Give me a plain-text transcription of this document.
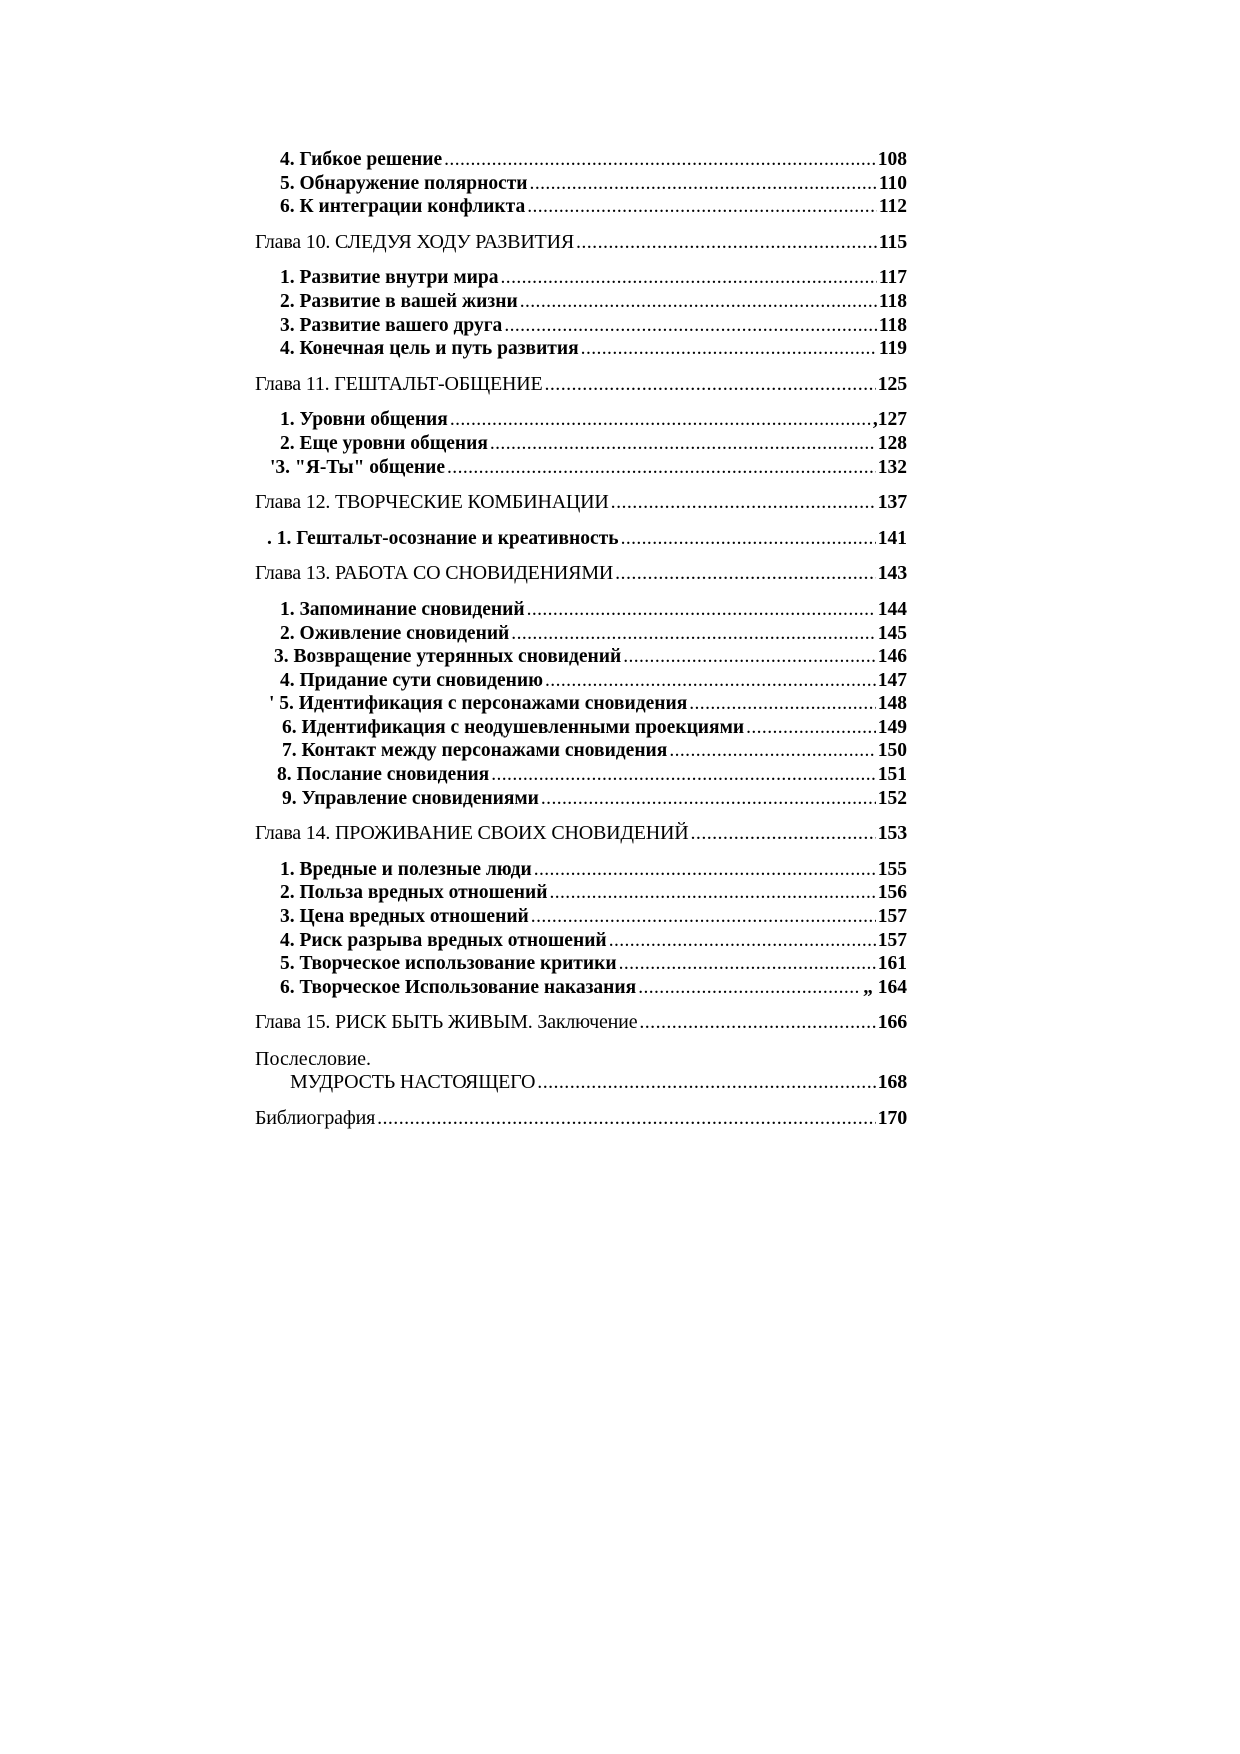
4. Гибкое решение .....	108
5. Обнаружение полярности .....	110
6. К интеграции конфликта .....	112
Глава 10. СЛЕДУЯ ХОДУ РАЗВИТИЯ .....	115
1. Развитие внутри мира .....	117
2. Развитие в вашей жизни .....	118
3. Развитие вашего друга .....	118
4. Конечная цель и путь развития .....	119
Глава 11. ГЕШТАЛЬТ-ОБЩЕНИЕ .....	125
1. Уровни общения .....	,127
2. Еще уровни общения .....	128
'3. "Я-Ты" общение .....	132
Глава 12. ТВОРЧЕСКИЕ КОМБИНАЦИИ .....	137
. 1. Гештальт-осознание и креативность .....	141
Глава 13. РАБОТА СО СНОВИДЕНИЯМИ .....	143
1. Запоминание сновидений .....	144
2. Оживление сновидений .....	145
3. Возвращение утерянных сновидений .....	146
4. Придание сути сновидению .....	147
' 5. Идентификация с персонажами сновидения .....	148
6. Идентификация с неодушевленными проекциями .....	149
7. Контакт между персонажами сновидения .....	150
8. Послание сновидения .....	151
9. Управление сновидениями .....	152
Глава 14. ПРОЖИВАНИЕ СВОИХ СНОВИДЕНИЙ .....	153
1. Вредные и полезные люди .....	155
2. Польза вредных отношений .....	156
3. Цена вредных отношений .....	157
4. Риск разрыва вредных отношений .....	157
5. Творческое использование критики .....	161
6. Творческое Использование наказания .....	„ 164
Глава 15. РИСК БЫТЬ ЖИВЫМ. Заключение .....	166
Послесловие.
МУДРОСТЬ НАСТОЯЩЕГО .....	168
Библиография .....	170
